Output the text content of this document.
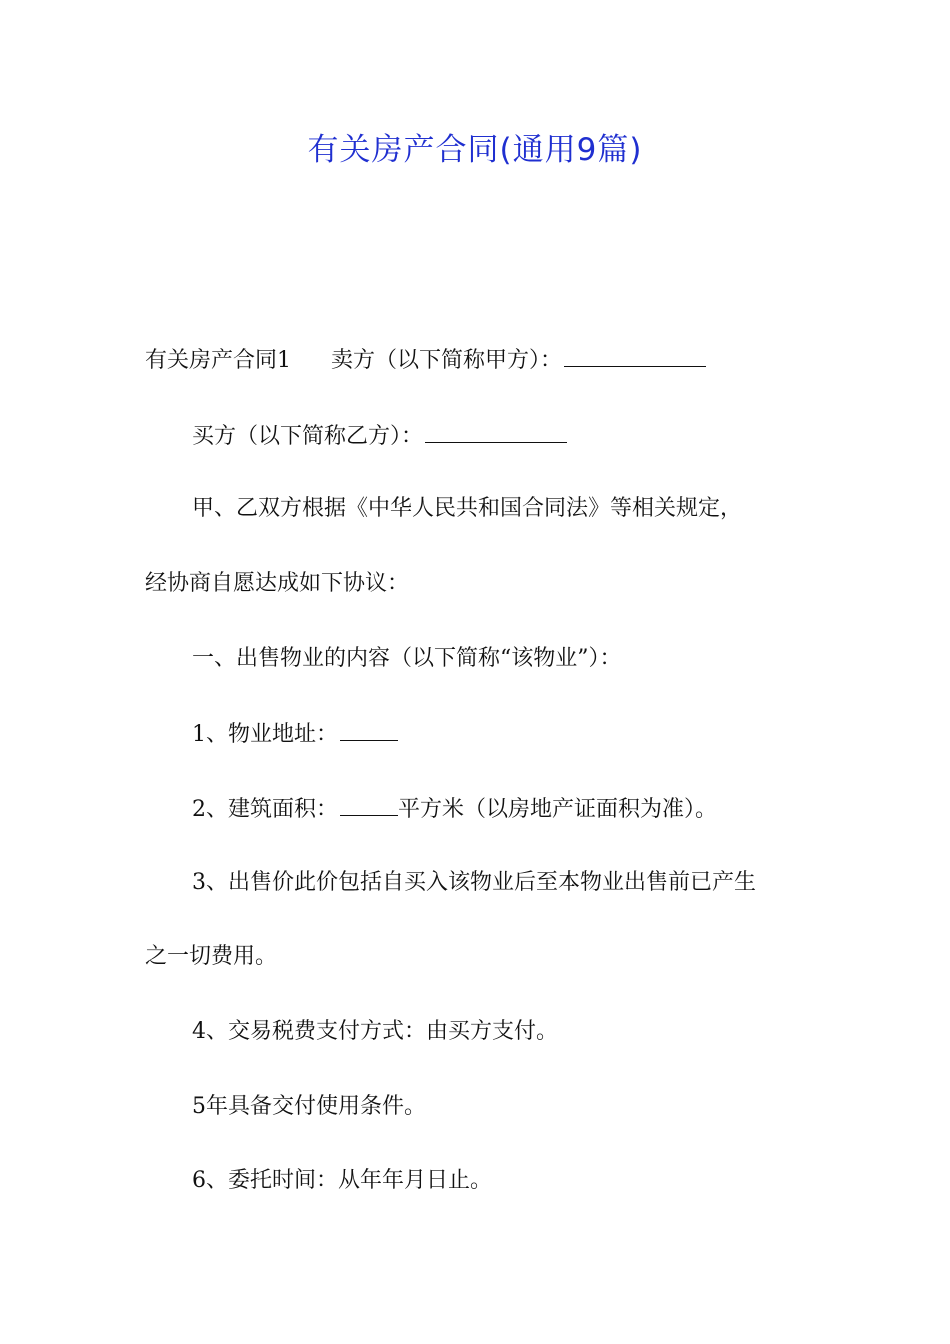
有关房产合同(通用9篇)
有关房产合同1 卖方（以下简称甲方）：
买方（以下简称乙方）：
甲、乙双方根据《中华人民共和国合同法》等相关规定，
经协商自愿达成如下协议：
一、出售物业的内容（以下简称“该物业”）：
1、物业地址：
2、建筑面积：	平方米（以房地产证面积为准）。
3、出售价此价包括自买入该物业后至本物业出售前已产生
之一切费用。
4、交易税费支付方式：由买方支付。
5年具备交付使用条件。
6、委托时间：从年年月日止。
